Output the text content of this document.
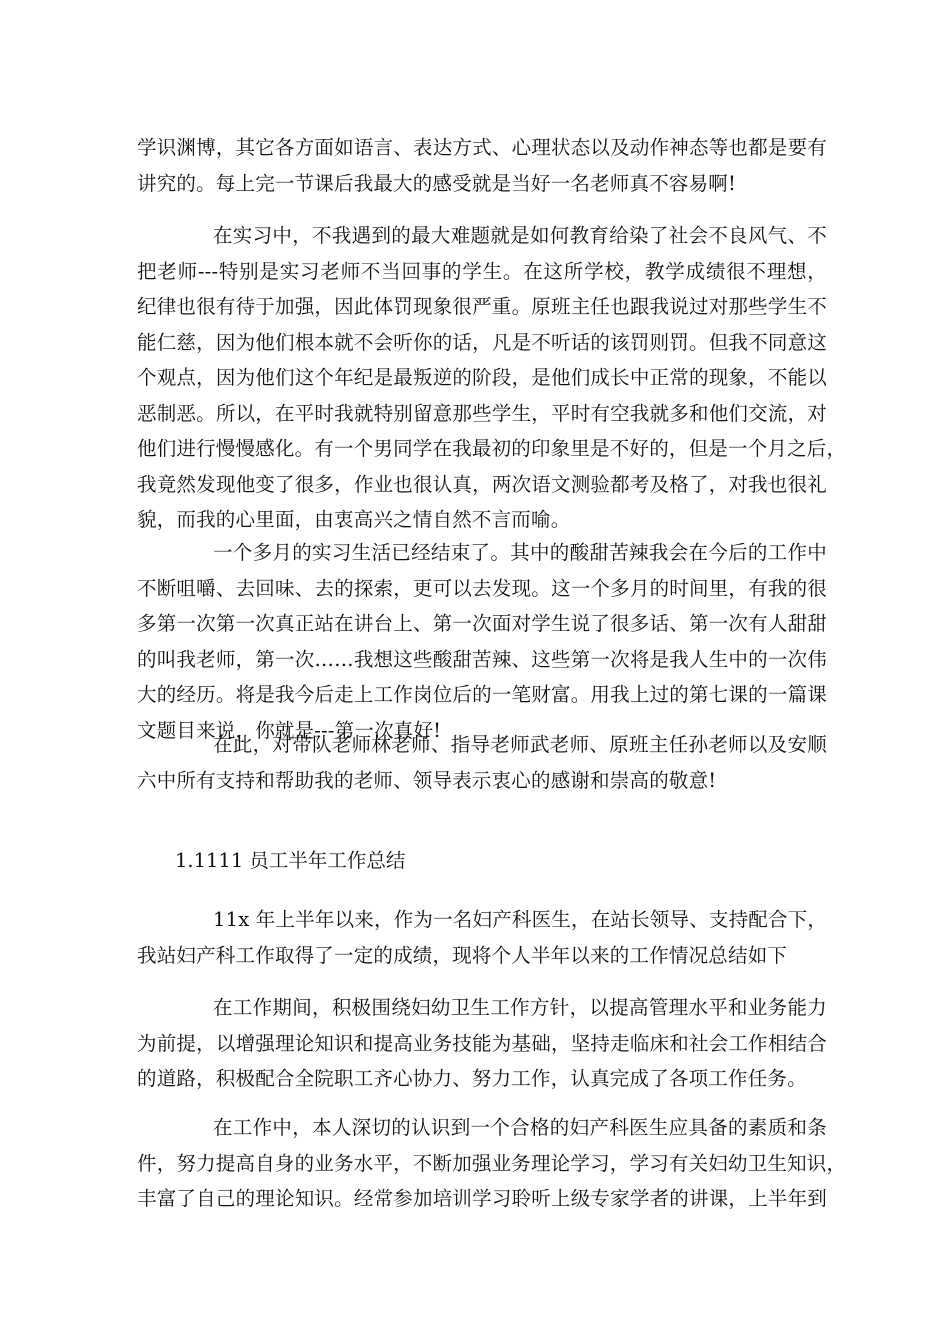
学识渊博，其它各方面如语言、表达方式、心理状态以及动作神态等也都是要有
讲究的。每上完一节课后我最大的感受就是当好一名老师真不容易啊!
在实习中，不我遇到的最大难题就是如何教育给染了社会不良风气、不
把老师---特别是实习老师不当回事的学生。在这所学校，教学成绩很不理想，
纪律也很有待于加强，因此体罚现象很严重。原班主任也跟我说过对那些学生不
能仁慈，因为他们根本就不会听你的话，凡是不听话的该罚则罚。但我不同意这
个观点，因为他们这个年纪是最叛逆的阶段，是他们成长中正常的现象，不能以
恶制恶。所以，在平时我就特别留意那些学生，平时有空我就多和他们交流，对
他们进行慢慢感化。有一个男同学在我最初的印象里是不好的，但是一个月之后，
我竟然发现他变了很多，作业也很认真，两次语文测验都考及格了，对我也很礼
貌，而我的心里面，由衷高兴之情自然不言而喻。
一个多月的实习生活已经结束了。其中的酸甜苦辣我会在今后的工作中
不断咀嚼、去回味、去的探索，更可以去发现。这一个多月的时间里，有我的很
多第一次第一次真正站在讲台上、第一次面对学生说了很多话、第一次有人甜甜
的叫我老师，第一次……我想这些酸甜苦辣、这些第一次将是我人生中的一次伟
大的经历。将是我今后走上工作岗位后的一笔财富。用我上过的第七课的一篇课
文题目来说，你就是---第一次真好!
在此，对带队老师林老师、指导老师武老师、原班主任孙老师以及安顺
六中所有支持和帮助我的老师、领导表示衷心的感谢和崇高的敬意!
1.1111 员工半年工作总结
11x 年上半年以来，作为一名妇产科医生，在站长领导、支持配合下，
我站妇产科工作取得了一定的成绩，现将个人半年以来的工作情况总结如下
在工作期间，积极围绕妇幼卫生工作方针，以提高管理水平和业务能力
为前提，以增强理论知识和提高业务技能为基础，坚持走临床和社会工作相结合
的道路，积极配合全院职工齐心协力、努力工作，认真完成了各项工作任务。
在工作中，本人深切的认识到一个合格的妇产科医生应具备的素质和条
件，努力提高自身的业务水平，不断加强业务理论学习，学习有关妇幼卫生知识，
丰富了自己的理论知识。经常参加培训学习聆听上级专家学者的讲课，上半年到
